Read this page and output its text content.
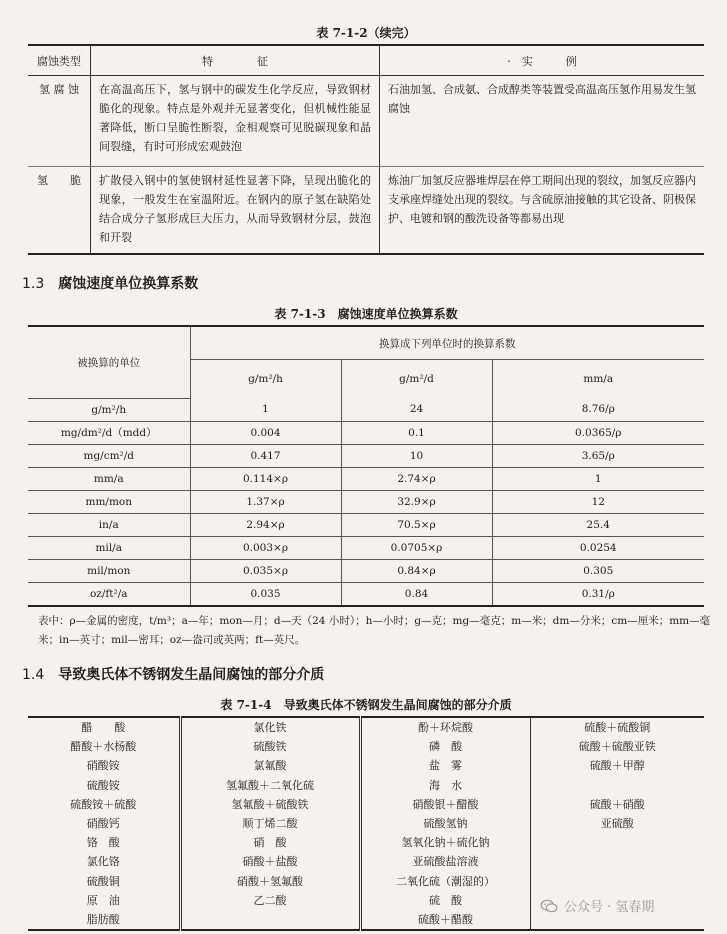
表 7-1-2（续完）
腐蚀类型	特　　　　征	·　实　　　例
氢 腐 蚀	在高温高压下，氢与钢中的碳发生化学反应，导致钢材脆化的现象。特点是外观并无显著变化，但机械性能显著降低，断口呈脆性断裂，金相观察可见脱碳现象和晶间裂缝，有时可形成宏观鼓泡	石油加氢、合成氨、合成醇类等装置受高温高压氢作用易发生氢腐蚀
氢　　脆	扩散侵入钢中的氢使钢材延性显著下降，呈现出脆化的现象，一般发生在室温附近。在钢内的原子氢在缺陷处结合成分子氢形成巨大压力，从而导致钢材分层，鼓泡和开裂	炼油厂加氢反应器堆焊层在停工期间出现的裂纹，加氢反应器内支承座焊缝处出现的裂纹。与含硫原油接触的其它设备、阴极保护、电镀和钢的酸洗设备等都易出现
1.3 腐蚀速度单位换算系数
表 7-1-3　腐蚀速度单位换算系数
被换算的单位	换算成下列单位时的换算系数		
	g/m²/h	g/m²/d	mm/a
g/m²/h	1	24	8.76/ρ
mg/dm²/d（mdd）	0.004	0.1	0.0365/ρ
mg/cm²/d	0.417	10	3.65/ρ
mm/a	0.114×ρ	2.74×ρ	1
mm/mon	1.37×ρ	32.9×ρ	12
in/a	2.94×ρ	70.5×ρ	25.4
mil/a	0.003×ρ	0.0705×ρ	0.0254
mil/mon	0.035×ρ	0.84×ρ	0.305
oz/ft²/a	0.035	0.84	0.31/ρ
表中：ρ—金属的密度，t/m³；a—年；mon—月；d—天（24 小时）；h—小时；g—克；mg—毫克；m—米；dm—分米；cm—厘米；mm—毫米；in—英寸；mil—密耳；oz—盎司或英两；ft—英尺。
1.4 导致奥氏体不锈钢发生晶间腐蚀的部分介质
表 7-1-4　导致奥氏体不锈钢发生晶间腐蚀的部分介质
醋　　酸	氯化铁	酚＋环烷酸	硫酸＋硫酸铜
醋酸＋水杨酸	硫酸铁	磷　酸	硫酸＋硫酸亚铁
硝酸铵	氯氟酸	盐　雾	硫酸＋甲醇
硫酸铵	氢氟酸＋二氧化硫	海　水	
硫酸铵＋硫酸	氢氟酸＋硫酸铁	硝酸银＋醋酸	硫酸＋硝酸
硝酸钙	顺丁烯二酸	硫酸氢钠	亚硫酸
铬　酸	硝　酸	氢氧化钠＋硫化钠	
氯化铬	硝酸＋盐酸	亚硫酸盐溶液	
硫酸铜	硝酸＋氢氟酸	二氧化硫（潮湿的）	
原　油	乙二酸	硫　酸	
脂肪酸		硫酸＋醋酸	
公众号 · 氢春期
